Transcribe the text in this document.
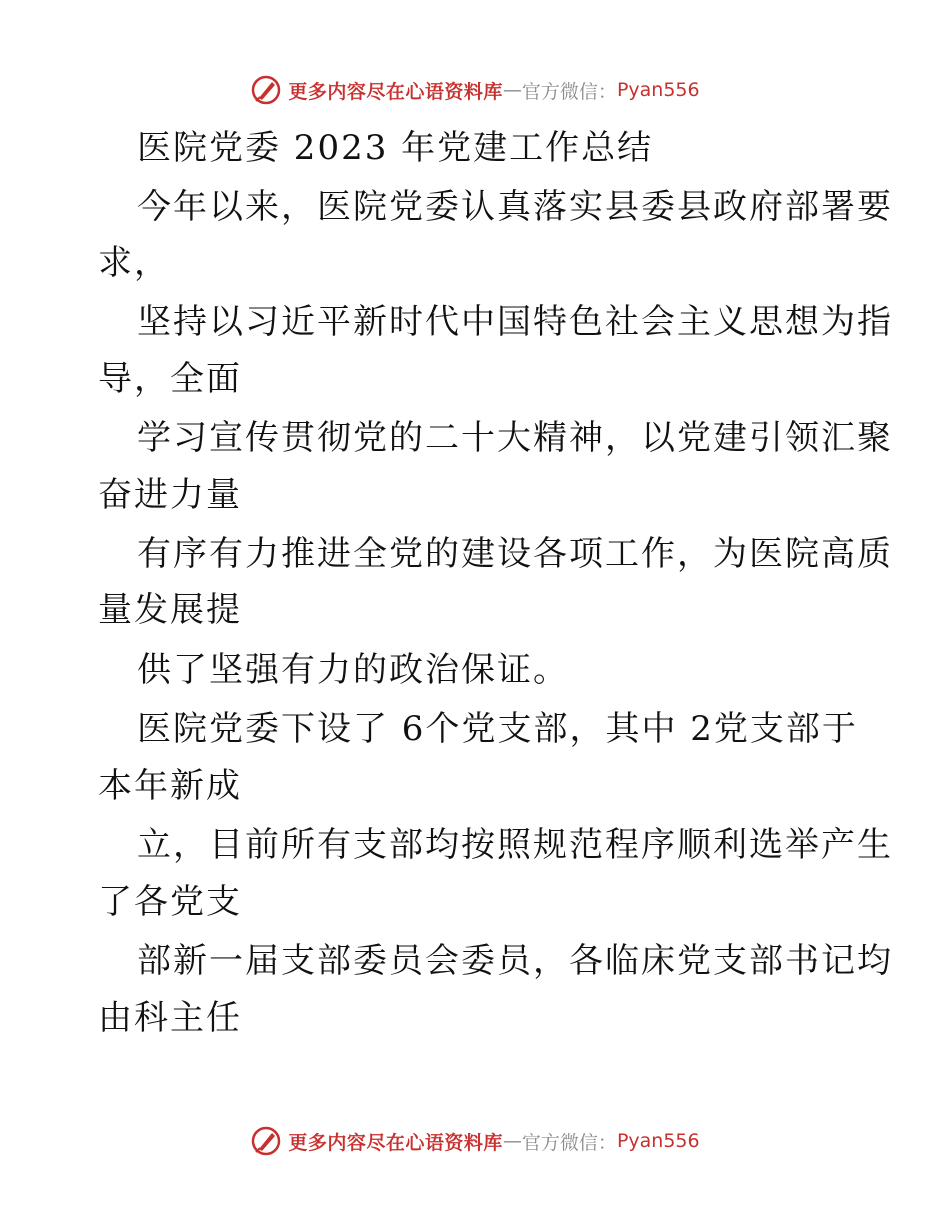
更多内容尽在心语资料库 — 官方微信： Pyan556
医院党委 2023 年党建工作总结
今年以来，医院党委认真落实县委县政府部署要
求，
坚持以习近平新时代中国特色社会主义思想为指
导，全面
学习宣传贯彻党的二十大精神，以党建引领汇聚
奋进力量
有序有力推进全党的建设各项工作，为医院高质
量发展提
供了坚强有力的政治保证。
医院党委下设了 6个党支部，其中 2党支部于
本年新成
立，目前所有支部均按照规范程序顺利选举产生
了各党支
部新一届支部委员会委员，各临床党支部书记均
由科主任
更多内容尽在心语资料库 — 官方微信： Pyan556
